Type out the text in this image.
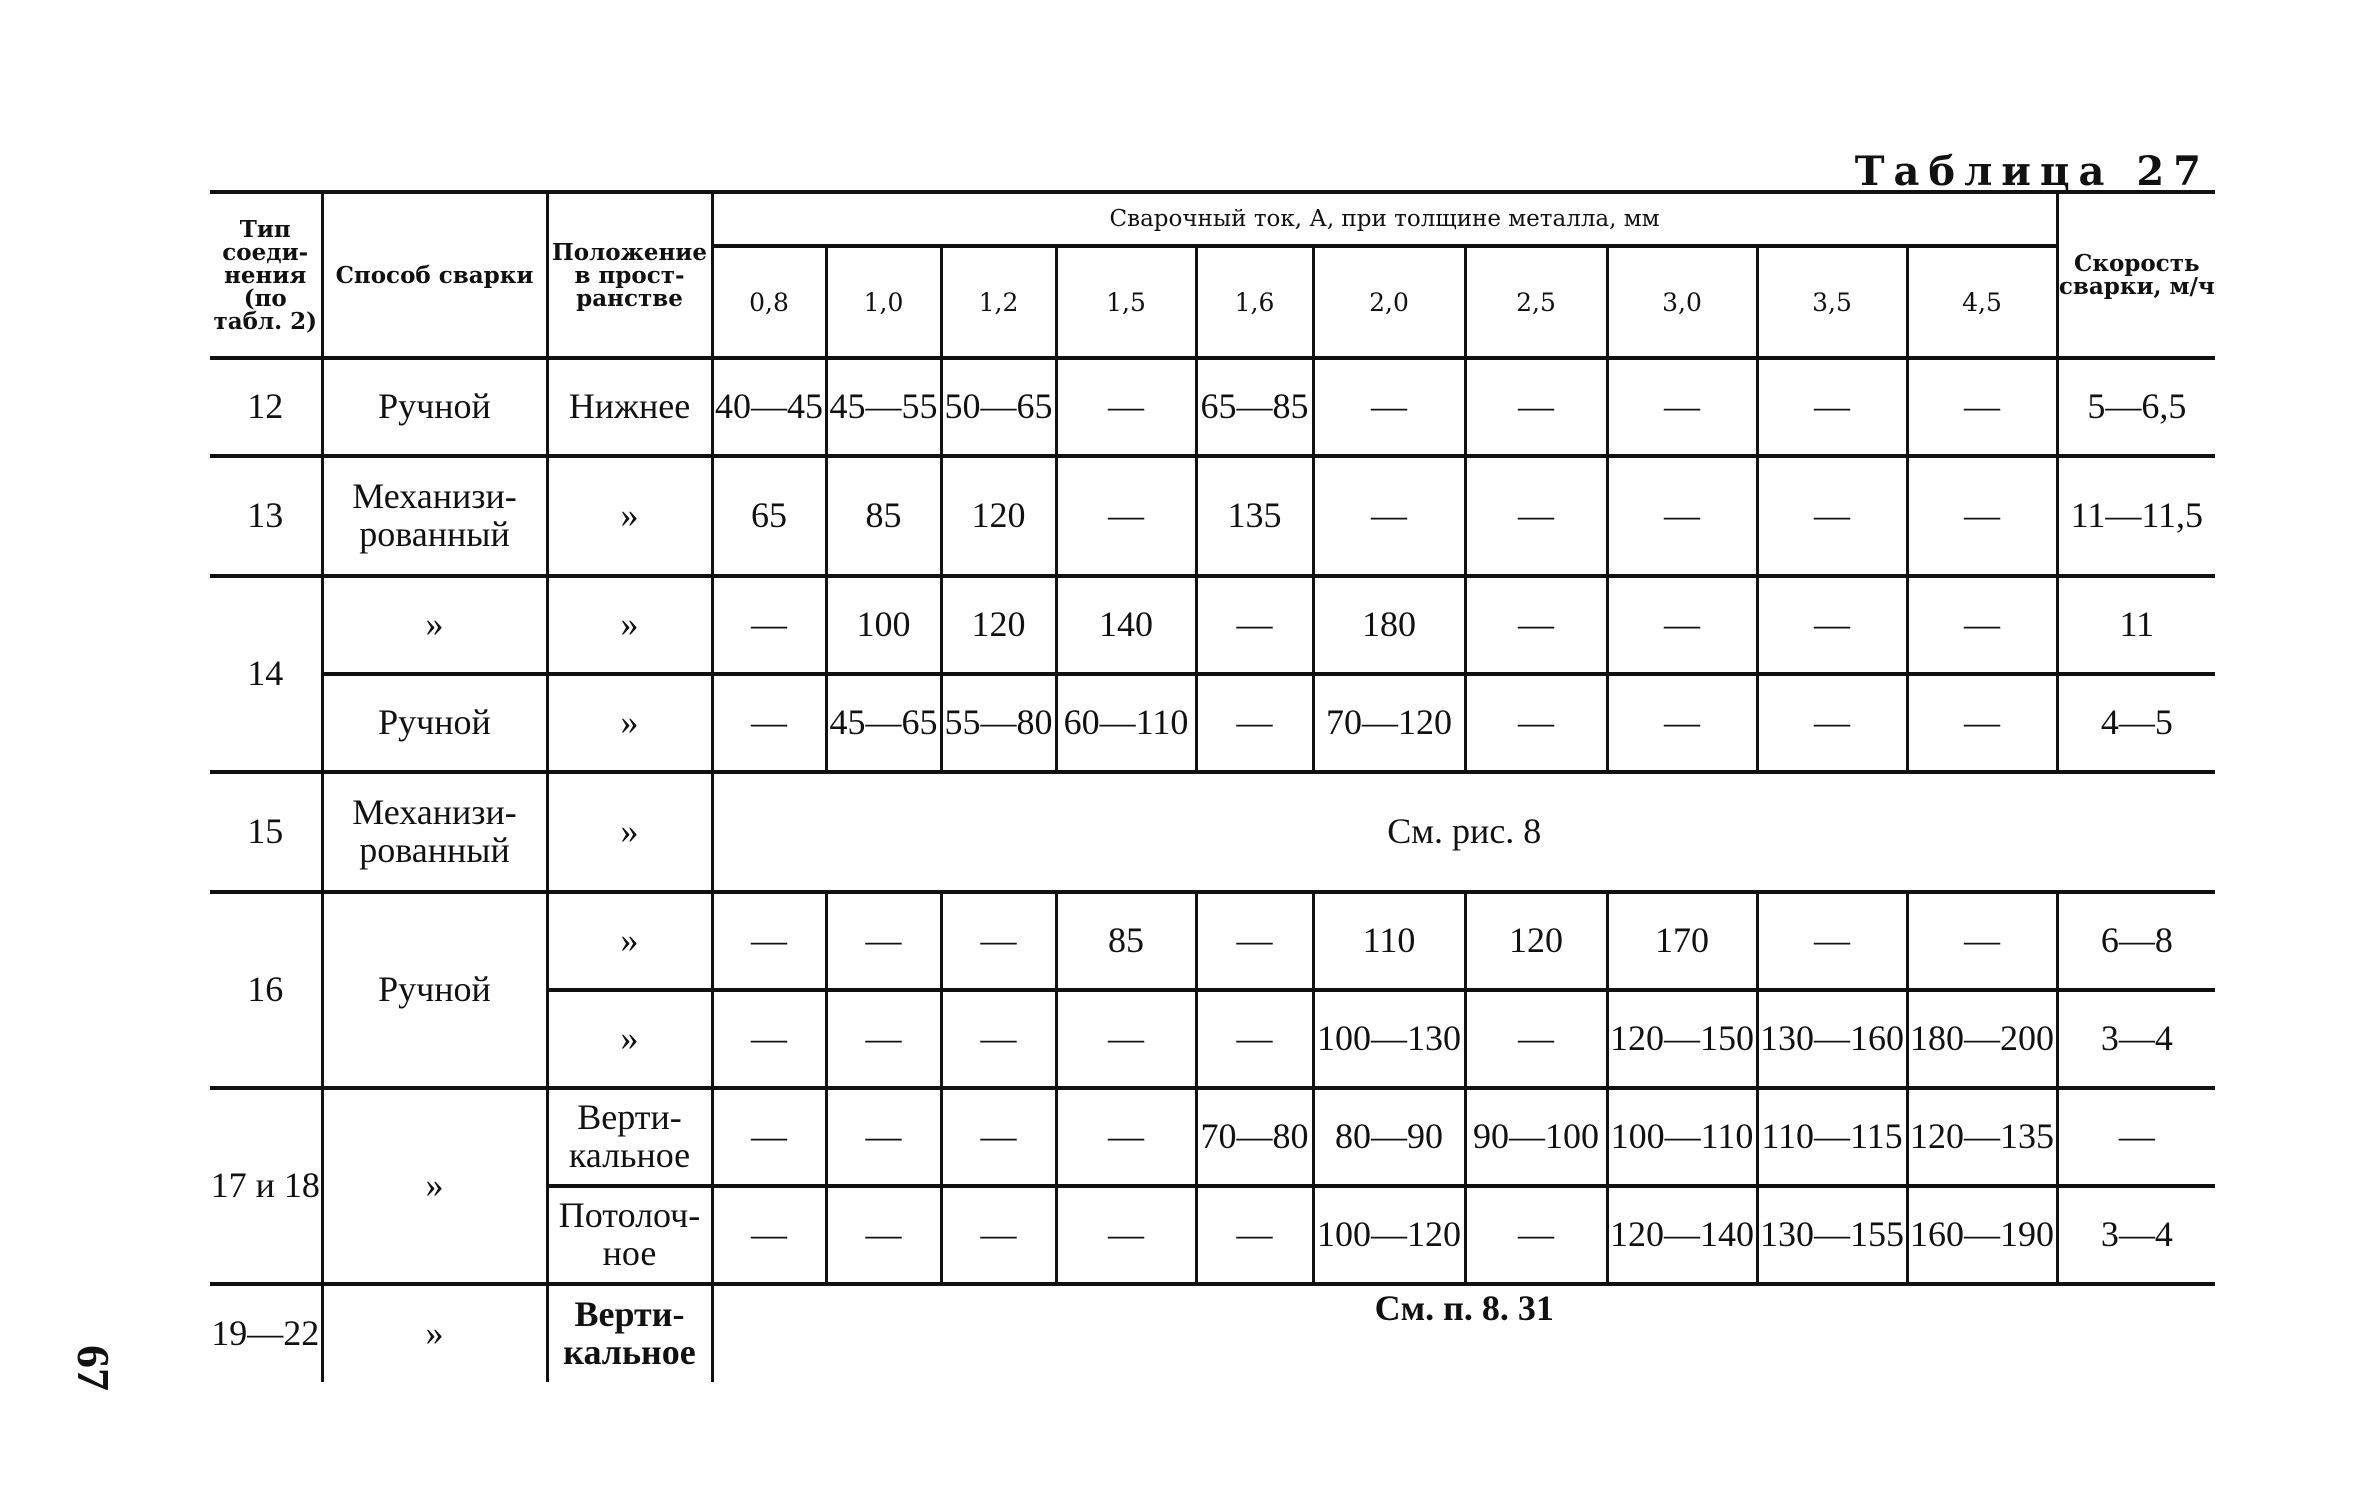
Таблица 27
67
Тип соеди-нения (по табл. 2)	Способ сварки	Положение в прост-ранстве	Сварочный ток, А, при толщине металла, мм										Скорость сварки, м/ч
			0,8	1,0	1,2	1,5	1,6	2,0	2,5	3,0	3,5	4,5	
12	Ручной	Нижнее	40—45	45—55	50—65	—	65—85	—	—	—	—	—	5—6,5
13	Механизи-рованный	»	65	85	120	—	135	—	—	—	—	—	11—11,5
14	»	»	—	100	120	140	—	180	—	—	—	—	11
	Ручной	»	—	45—65	55—80	60—110	—	70—120	—	—	—	—	4—5
15	Механизи-рованный	»	См. рис. 8										
16	Ручной	»	—	—	—	85	—	110	120	170	—	—	6—8
		»	—	—	—	—	—	100—130	—	120—150	130—160	180—200	3—4
17 и 18	»	Верти-кальное	—	—	—	—	70—80	80—90	90—100	100—110	110—115	120—135	—
		Потолоч-ное	—	—	—	—	—	100—120	—	120—140	130—155	160—190	3—4
19—22	»	Верти-кальное	См. п. 8. 31										
